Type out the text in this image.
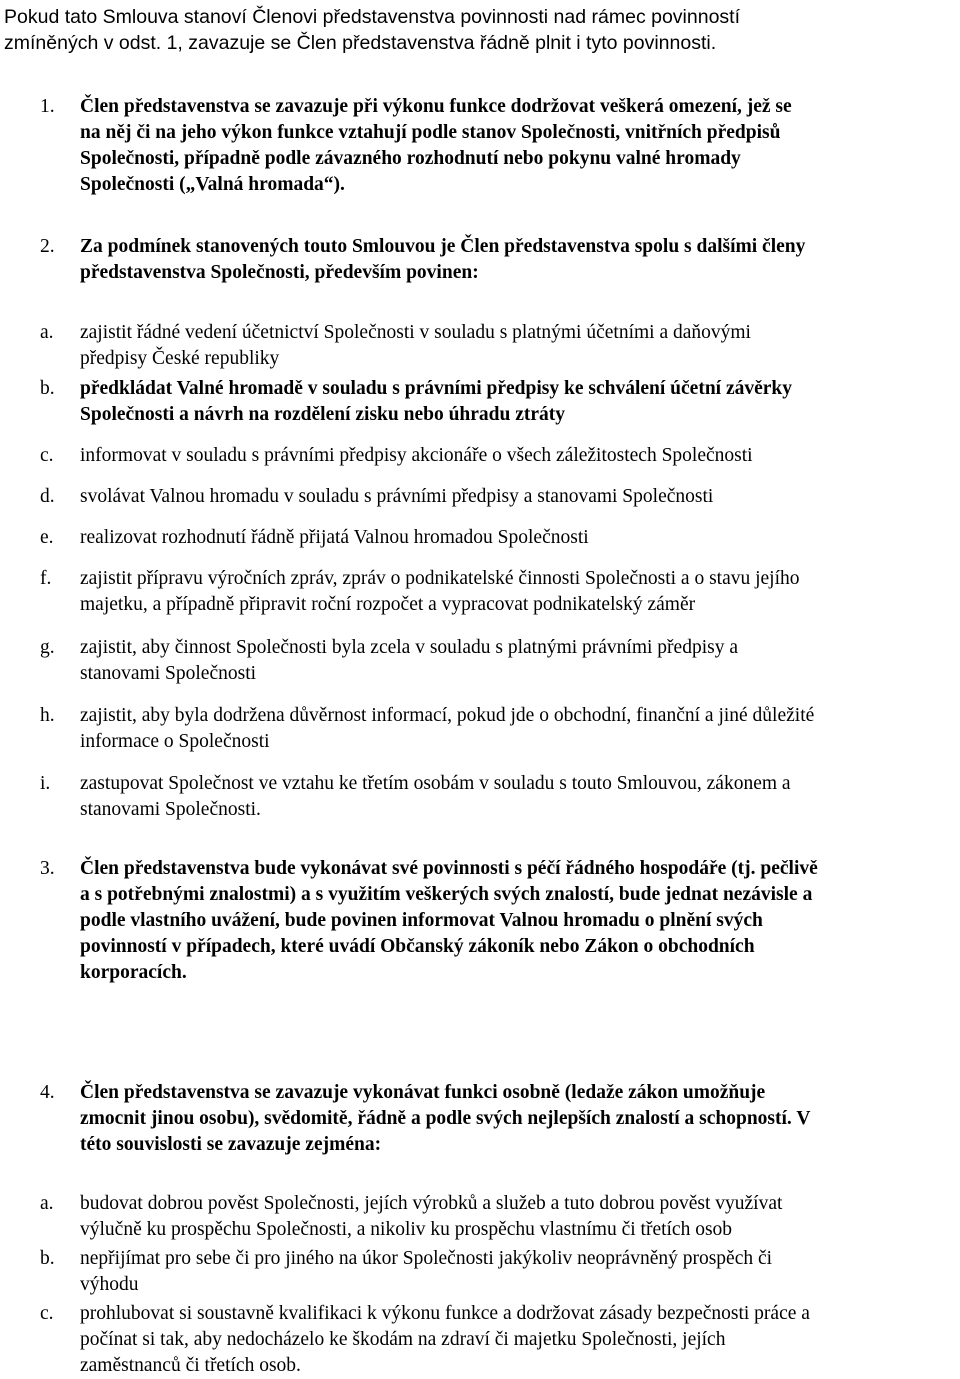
Pokud tato Smlouva stanoví Členovi představenstva povinnosti nad rámec povinností
zmíněných v odst. 1, zavazuje se Člen představenstva řádně plnit i tyto povinnosti.
1. Člen představenstva se zavazuje při výkonu funkce dodržovat veškerá omezení, jež se
na něj či na jeho výkon funkce vztahují podle stanov Společnosti, vnitřních předpisů
Společnosti, případně podle závazného rozhodnutí nebo pokynu valné hromady
Společnosti („Valná hromada“).
2. Za podmínek stanovených touto Smlouvou je Člen představenstva spolu s dalšími členy
představenstva Společnosti, především povinen:
a. zajistit řádné vedení účetnictví Společnosti v souladu s platnými účetními a daňovými
předpisy České republiky
b. předkládat Valné hromadě v souladu s právními předpisy ke schválení účetní závěrky
Společnosti a návrh na rozdělení zisku nebo úhradu ztráty
c. informovat v souladu s právními předpisy akcionáře o všech záležitostech Společnosti
d. svolávat Valnou hromadu v souladu s právními předpisy a stanovami Společnosti
e. realizovat rozhodnutí řádně přijatá Valnou hromadou Společnosti
f. zajistit přípravu výročních zpráv, zpráv o podnikatelské činnosti Společnosti a o stavu jejího
majetku, a případně připravit roční rozpočet a vypracovat podnikatelský záměr
g. zajistit, aby činnost Společnosti byla zcela v souladu s platnými právními předpisy a
stanovami Společnosti
h. zajistit, aby byla dodržena důvěrnost informací, pokud jde o obchodní, finanční a jiné důležité
informace o Společnosti
i. zastupovat Společnost ve vztahu ke třetím osobám v souladu s touto Smlouvou, zákonem a
stanovami Společnosti.
3. Člen představenstva bude vykonávat své povinnosti s péčí řádného hospodáře (tj. pečlivě
a s potřebnými znalostmi) a s využitím veškerých svých znalostí, bude jednat nezávisle a
podle vlastního uvážení, bude povinen informovat Valnou hromadu o plnění svých
povinností v případech, které uvádí Občanský zákoník nebo Zákon o obchodních
korporacích.
4. Člen představenstva se zavazuje vykonávat funkci osobně (ledaže zákon umožňuje
zmocnit jinou osobu), svědomitě, řádně a podle svých nejlepších znalostí a schopností. V
této souvislosti se zavazuje zejména:
a. budovat dobrou pověst Společnosti, jejích výrobků a služeb a tuto dobrou pověst využívat
výlučně ku prospěchu Společnosti, a nikoliv ku prospěchu vlastnímu či třetích osob
b. nepřijímat pro sebe či pro jiného na úkor Společnosti jakýkoliv neoprávněný prospěch či
výhodu
c. prohlubovat si soustavně kvalifikaci k výkonu funkce a dodržovat zásady bezpečnosti práce a
počínat si tak, aby nedocházelo ke škodám na zdraví či majetku Společnosti, jejích
zaměstnanců či třetích osob.
